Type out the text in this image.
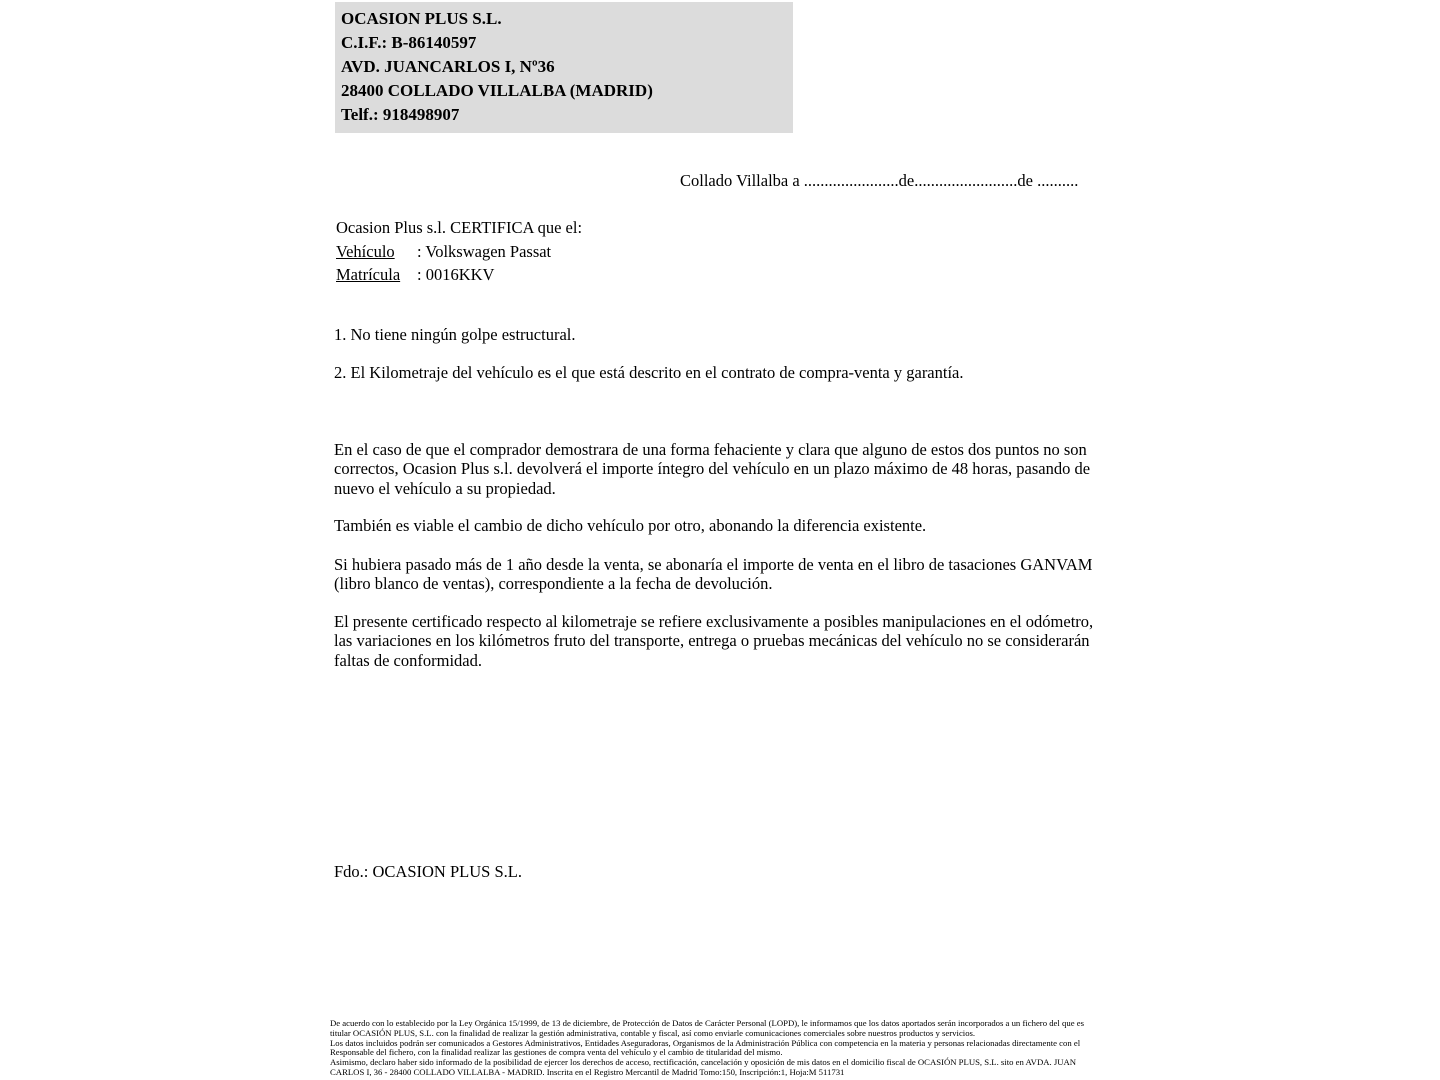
OCASION PLUS S.L.
C.I.F.: B-86140597
AVD. JUANCARLOS I, Nº36
28400 COLLADO VILLALBA (MADRID)
Telf.: 918498907
Collado Villalba a .......................de.........................de ..........
Ocasion Plus s.l. CERTIFICA que el:
Vehículo	: Volkswagen Passat
Matrícula	: 0016KKV
1. No tiene ningún golpe estructural.
2. El Kilometraje del vehículo es el que está descrito en el contrato de compra-venta y garantía.
En el caso de que el comprador demostrara de una forma fehaciente y clara que alguno de estos dos puntos no son correctos, Ocasion Plus s.l. devolverá el importe íntegro del vehículo en un plazo máximo de 48 horas, pasando de nuevo el vehículo a su propiedad.
También es viable el cambio de dicho vehículo por otro, abonando la diferencia existente.
Si hubiera pasado más de 1 año desde la venta, se abonaría el importe de venta en el libro de tasaciones GANVAM (libro blanco de ventas), correspondiente a la fecha de devolución.
El presente certificado respecto al kilometraje se refiere exclusivamente a posibles manipulaciones en el odómetro, las variaciones en los kilómetros fruto del transporte, entrega o pruebas mecánicas del vehículo no se considerarán faltas de conformidad.
Fdo.: OCASION PLUS S.L.

De acuerdo con lo establecido por la Ley Orgánica 15/1999, de 13 de diciembre, de Protección de Datos de Carácter Personal (LOPD), le informamos que los datos aportados serán incorporados a un fichero del que es titular OCASIÓN PLUS, S.L. con la finalidad de realizar la gestión administrativa, contable y fiscal, así como enviarle comunicaciones comerciales sobre nuestros productos y servicios.

Los datos incluidos podrán ser comunicados a Gestores Administrativos, Entidades Aseguradoras, Organismos de la Administración Pública con competencia en la materia y personas relacionadas directamente con el Responsable del fichero, con la finalidad realizar las gestiones de compra venta del vehículo y el cambio de titularidad del mismo.

Asimismo, declaro haber sido informado de la posibilidad de ejercer los derechos de acceso, rectificación, cancelación y oposición de mis datos en el domicilio fiscal de OCASIÓN PLUS, S.L. sito en AVDA. JUAN CARLOS I, 36 - 28400 COLLADO VILLALBA - MADRID. Inscrita en el Registro Mercantil de Madrid Tomo:150, Inscripción:1, Hoja:M 511731
